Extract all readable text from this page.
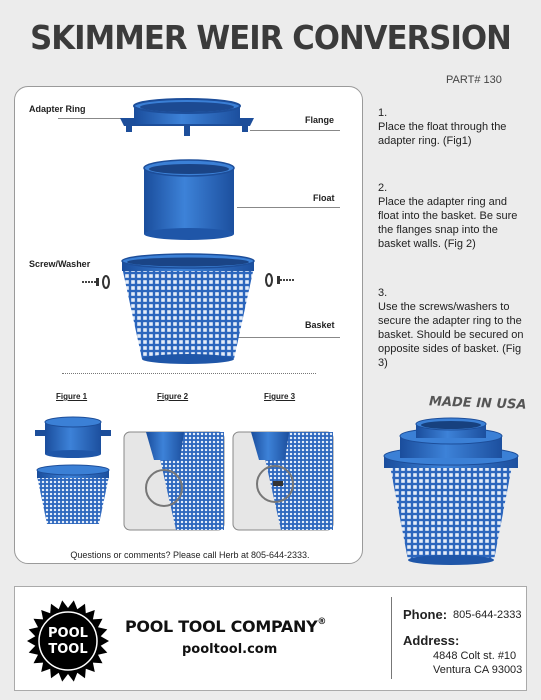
SKIMMER WEIR CONVERSION
PART# 130
Adapter Ring
Flange
Float
Screw/Washer
Basket
Figure 1	Figure 2	Figure 3
Questions or comments? Please call Herb at 805-644-2333.
1.
Place the float through the adapter ring. (Fig1)
2.
Place the adapter ring and float into the basket. Be sure the flanges snap into the basket walls. (Fig 2)
3.
Use the screws/washers to secure the adapter ring to the basket. Should be secured on opposite sides of basket. (Fig 3)
MADE IN USA
POOL
TOOL
POOL TOOL COMPANY®
pooltool.com
Phone: 805-644-2333
Address:
4848 Colt st. #10
Ventura CA 93003
